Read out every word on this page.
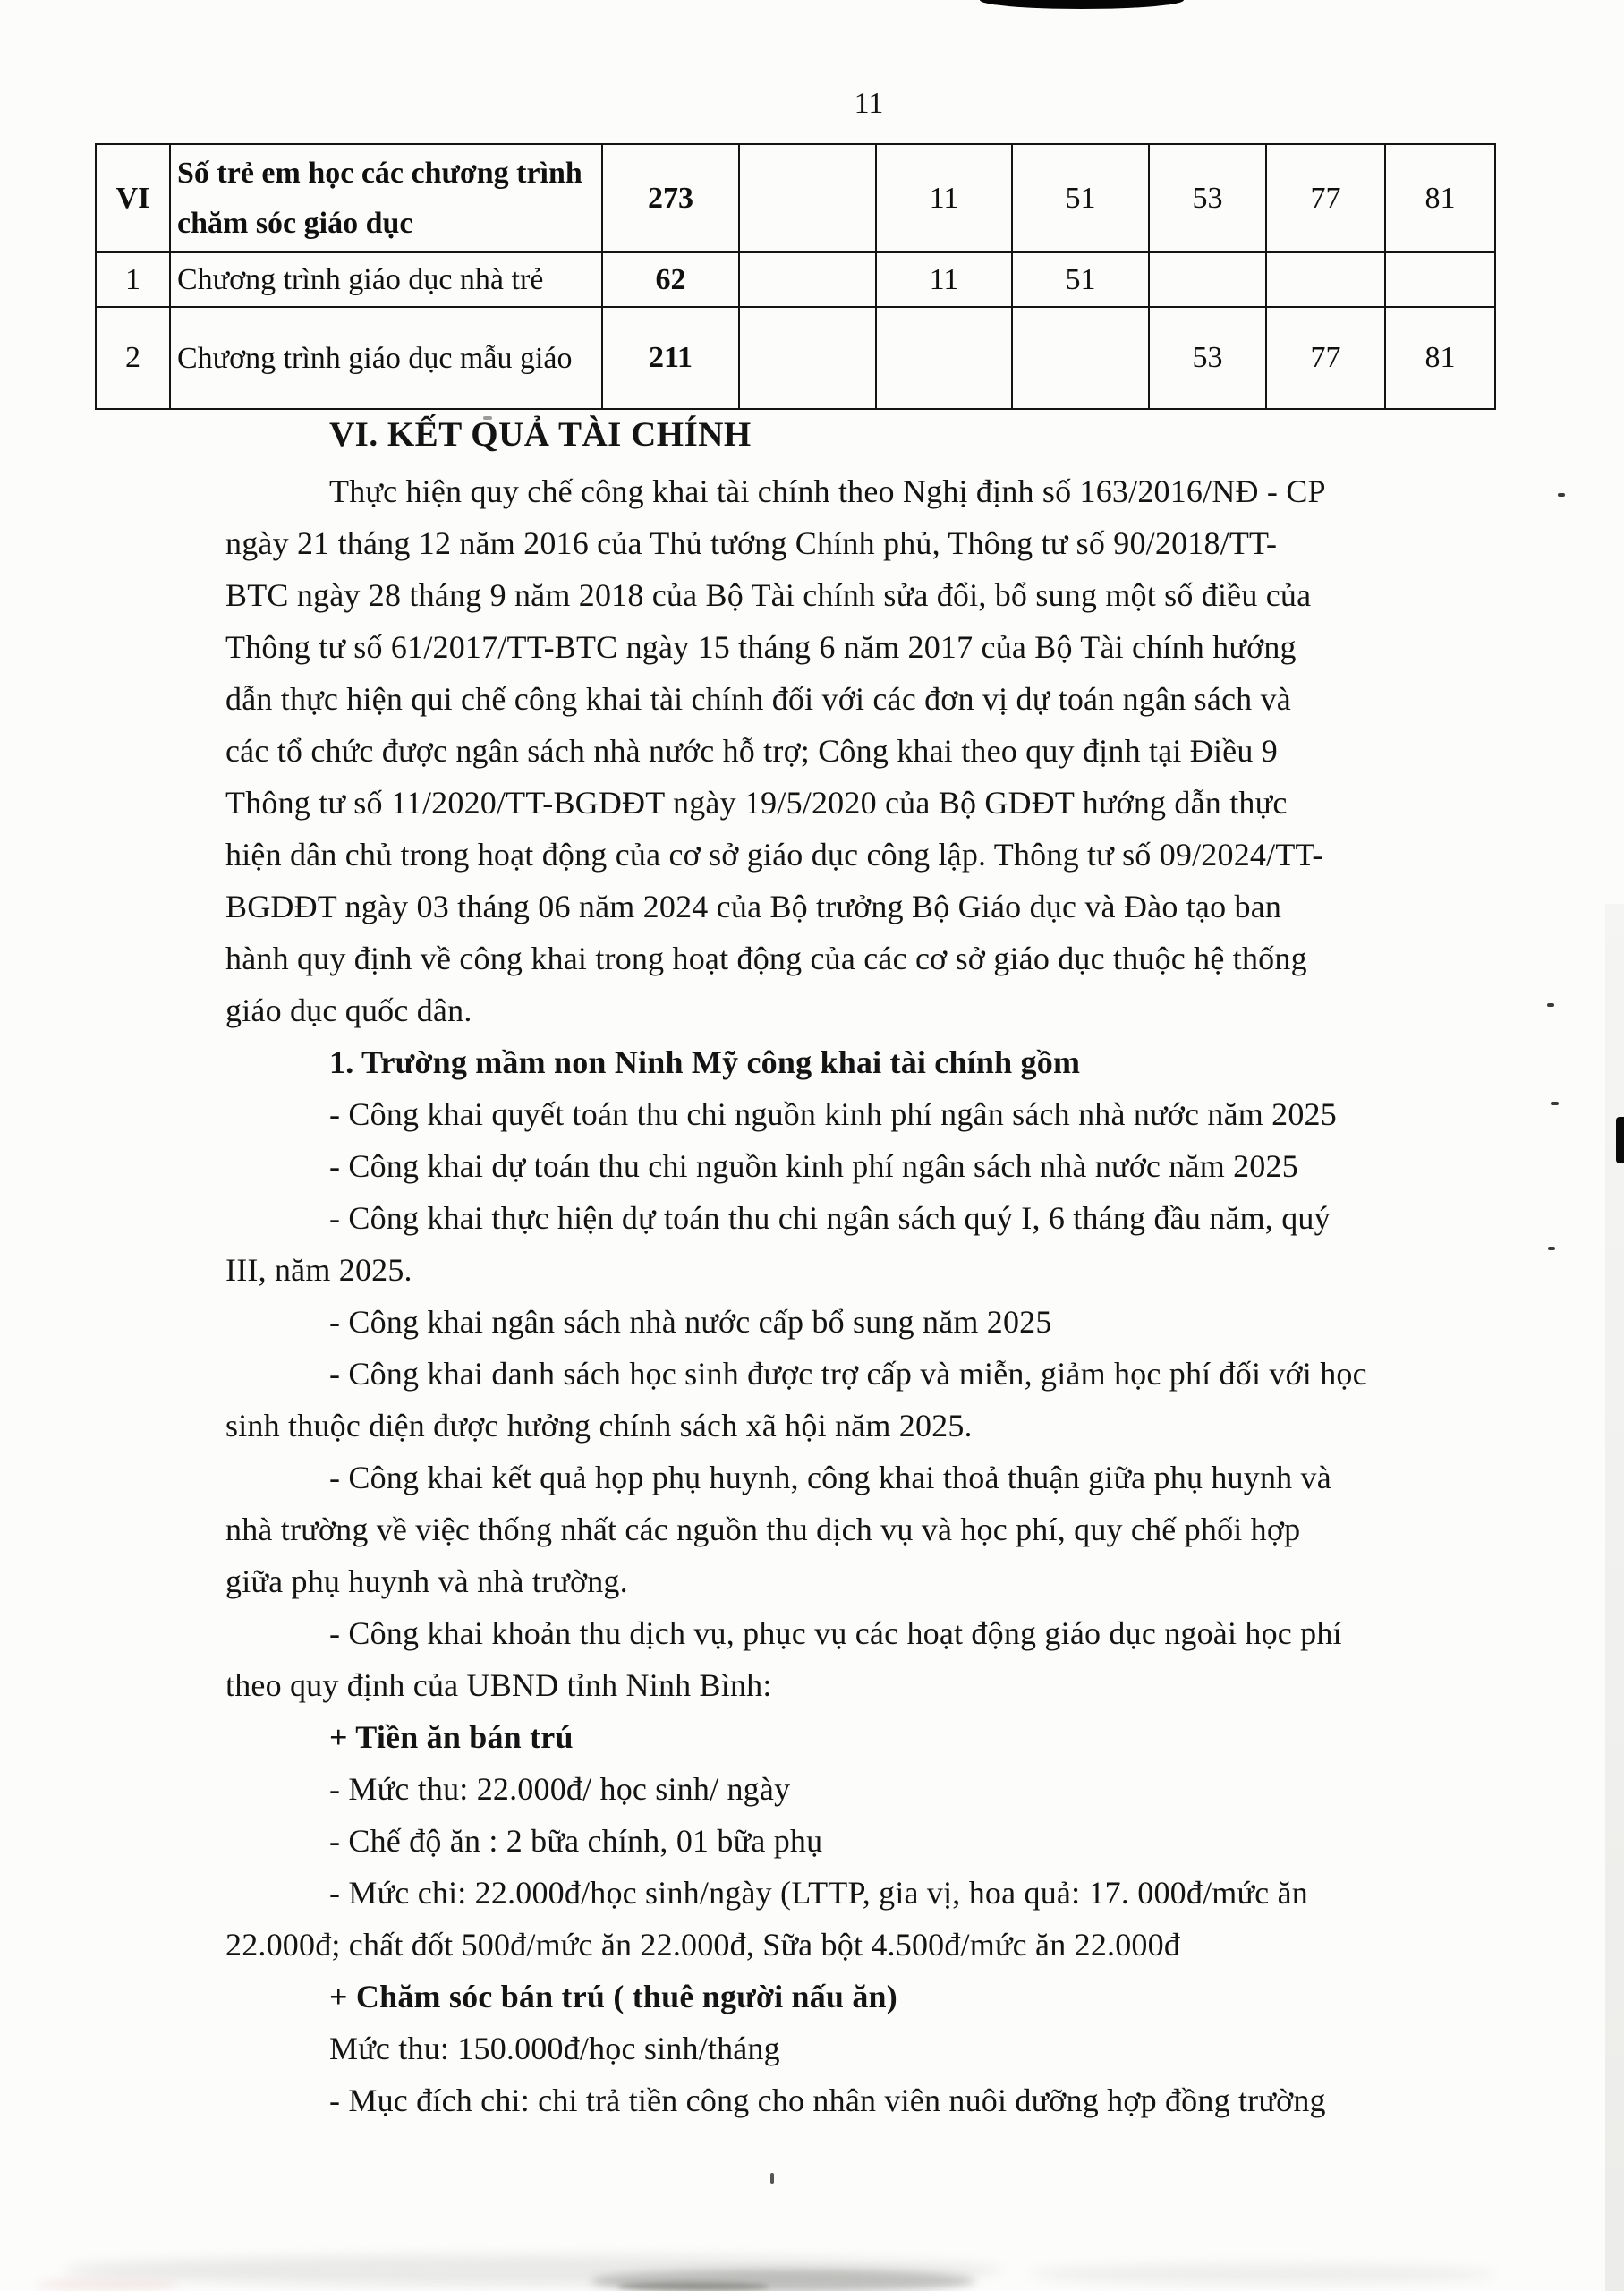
11
VI	Số trẻ em học các chương trình chăm sóc giáo dục	273		11	51	53	77	81
1	Chương trình giáo dục nhà trẻ	62		11	51			
2	Chương trình giáo dục mẫu giáo	211				53	77	81
VI. KẾT QUẢ TÀI CHÍNH
Thực hiện quy chế công khai tài chính theo Nghị định số 163/2016/NĐ - CP
ngày 21 tháng 12 năm 2016 của Thủ tướng Chính phủ, Thông tư số 90/2018/TT-
BTC ngày 28 tháng 9 năm 2018 của Bộ Tài chính sửa đổi, bổ sung một số điều của
Thông tư số 61/2017/TT-BTC ngày 15 tháng 6 năm 2017 của Bộ Tài chính hướng
dẫn thực hiện qui chế công khai tài chính đối với các đơn vị dự toán ngân sách và
các tổ chức được ngân sách nhà nước hỗ trợ; Công khai theo quy định tại Điều 9
Thông tư số 11/2020/TT-BGDĐT ngày 19/5/2020 của Bộ GDĐT hướng dẫn thực
hiện dân chủ trong hoạt động của cơ sở giáo dục công lập. Thông tư số 09/2024/TT-
BGDĐT ngày 03 tháng 06 năm 2024 của Bộ trưởng Bộ Giáo dục và Đào tạo ban
hành quy định về công khai trong hoạt động của các cơ sở giáo dục thuộc hệ thống
giáo dục quốc dân.
1. Trường mầm non Ninh Mỹ công khai tài chính gồm
- Công khai quyết toán thu chi nguồn kinh phí ngân sách nhà nước năm 2025
- Công khai dự toán thu chi nguồn kinh phí ngân sách nhà nước năm 2025
- Công khai thực hiện dự toán thu chi ngân sách quý I, 6 tháng đầu năm, quý
III, năm 2025.
- Công khai ngân sách nhà nước cấp bổ sung năm 2025
- Công khai danh sách học sinh được trợ cấp và miễn, giảm học phí đối với học
sinh thuộc diện được hưởng chính sách xã hội năm 2025.
- Công khai kết quả họp phụ huynh, công khai thoả thuận giữa phụ huynh và
nhà trường về việc thống nhất các nguồn thu dịch vụ và học phí, quy chế phối hợp
giữa phụ huynh và nhà trường.
- Công khai khoản thu dịch vụ, phục vụ các hoạt động giáo dục ngoài học phí
theo quy định của UBND tỉnh Ninh Bình:
+ Tiền ăn bán trú
- Mức thu: 22.000đ/ học sinh/ ngày
- Chế độ ăn : 2 bữa chính, 01 bữa phụ
- Mức chi: 22.000đ/học sinh/ngày (LTTP, gia vị, hoa quả: 17. 000đ/mức ăn
22.000đ; chất đốt 500đ/mức ăn 22.000đ, Sữa bột 4.500đ/mức ăn 22.000đ
+ Chăm sóc bán trú ( thuê người nấu ăn)
Mức thu: 150.000đ/học sinh/tháng
- Mục đích chi: chi trả tiền công cho nhân viên nuôi dưỡng hợp đồng trường
